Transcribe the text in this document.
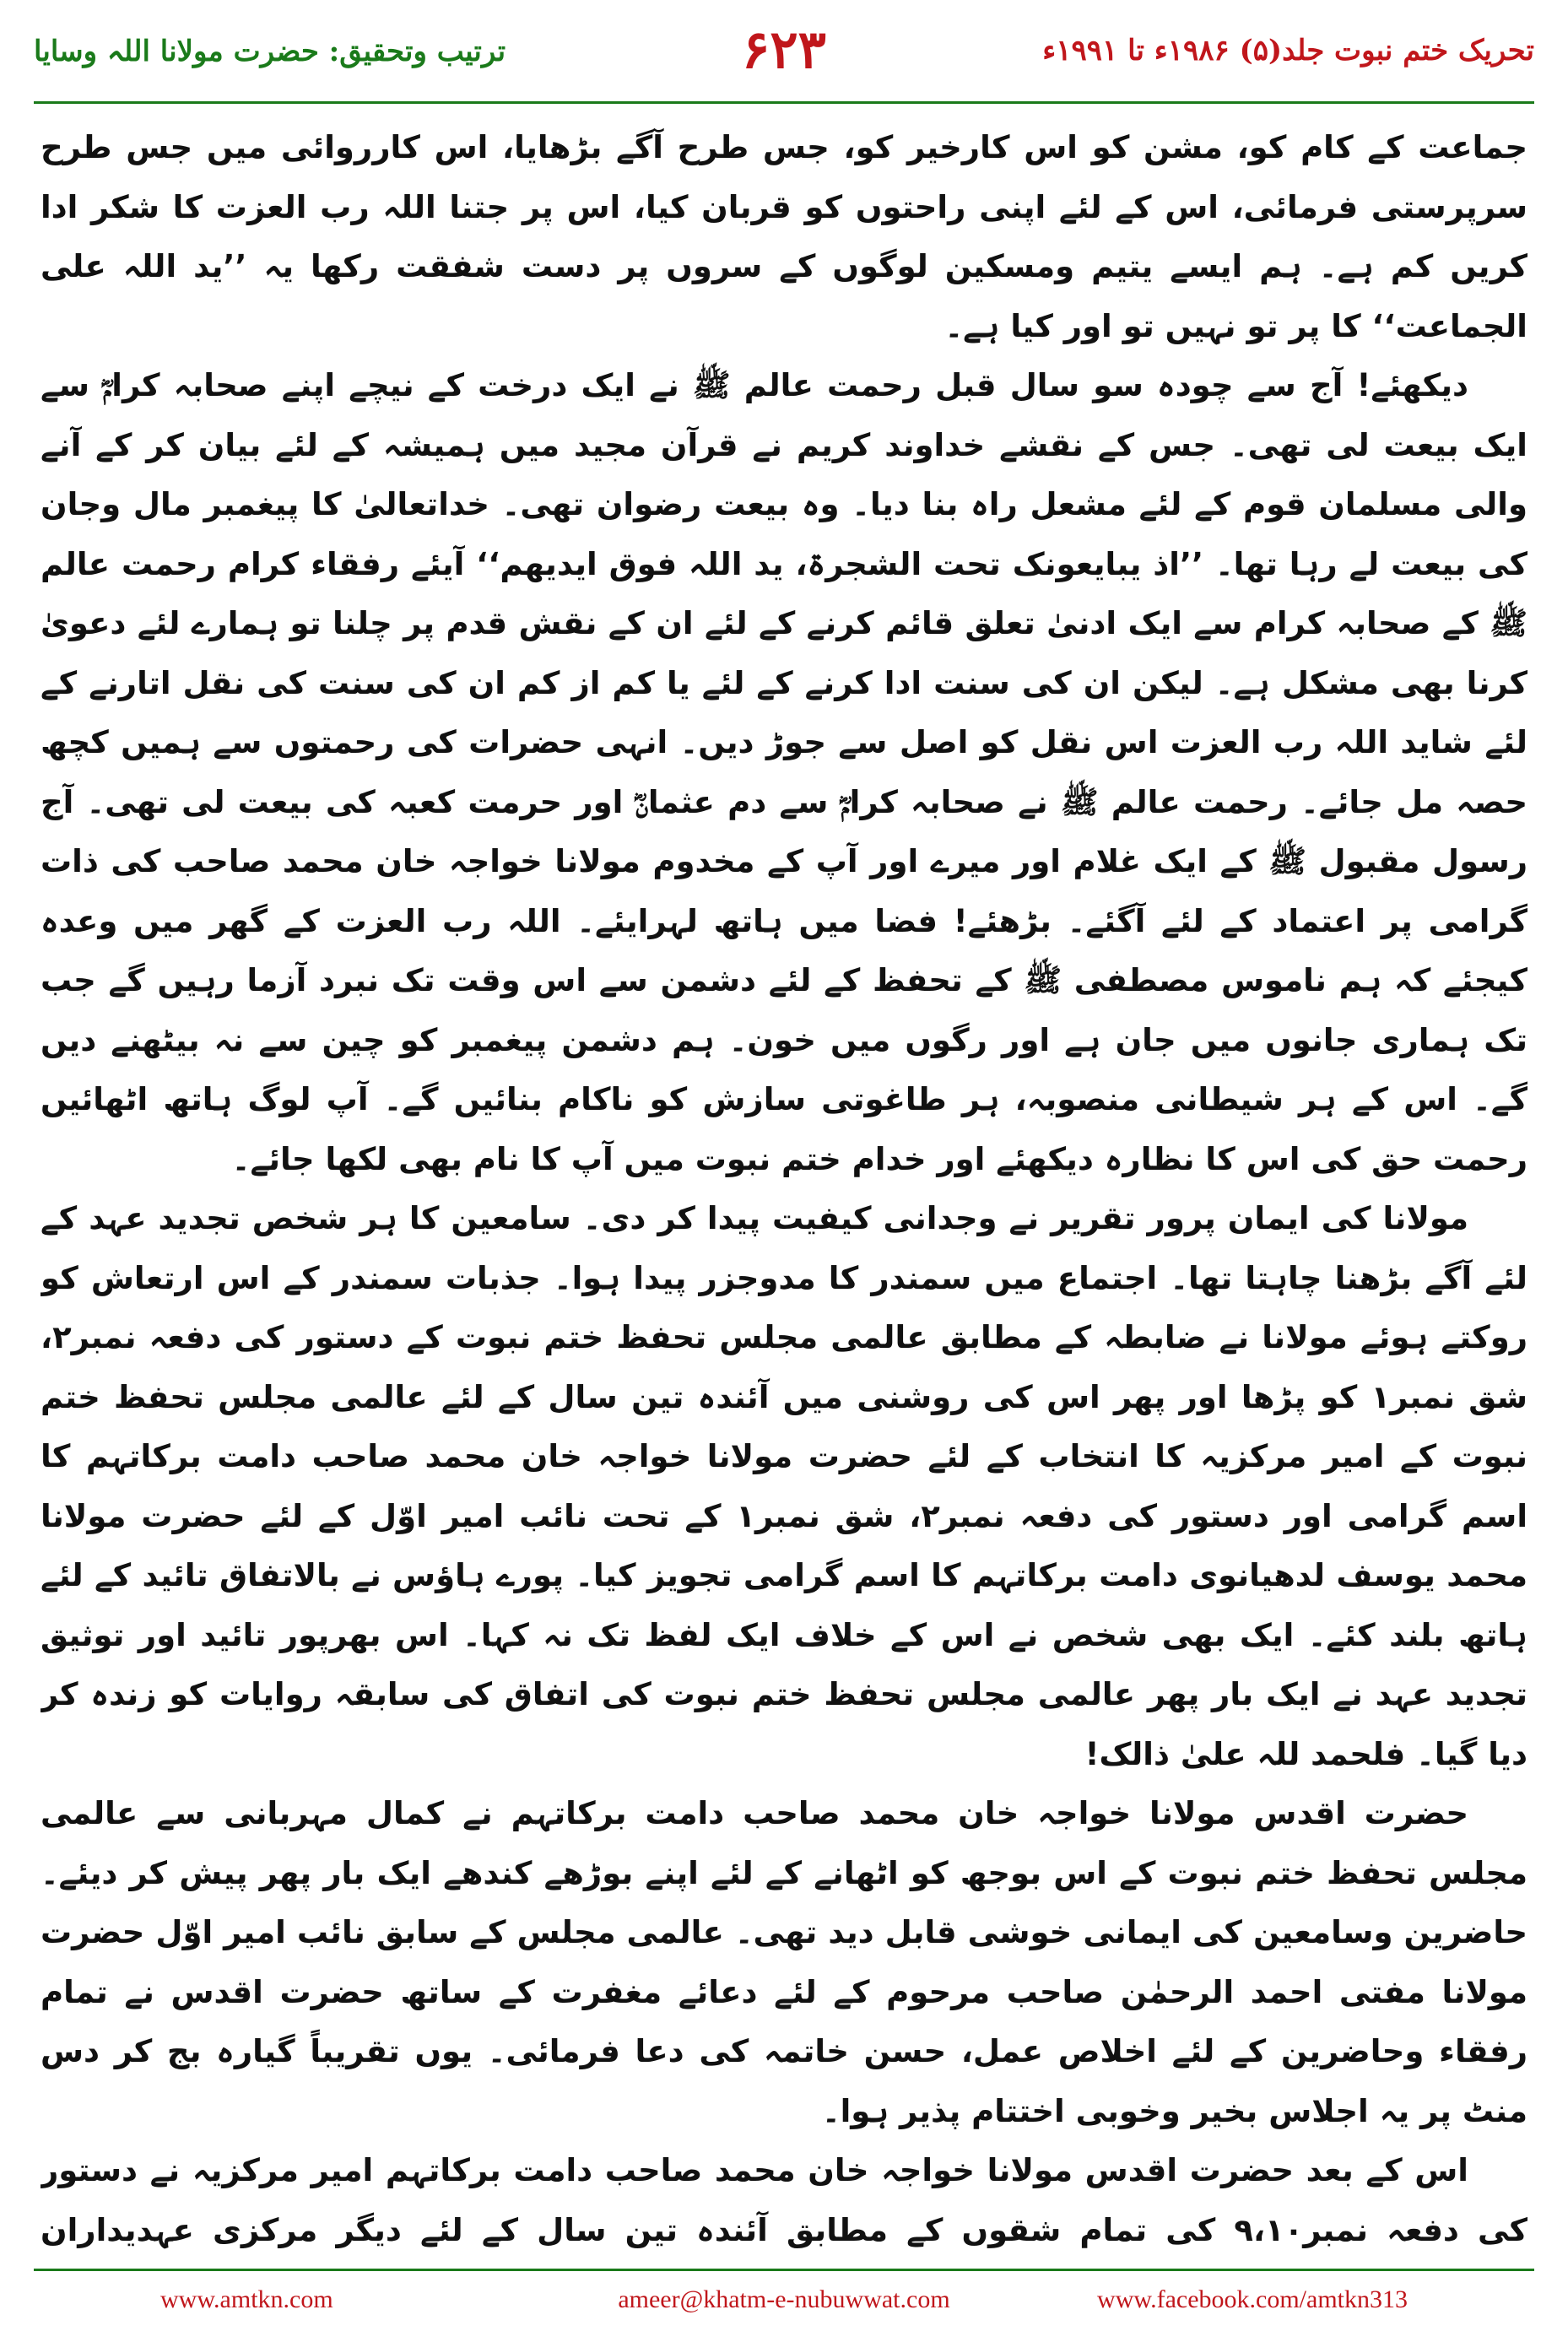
ترتیب وتحقیق: حضرت مولانا اللہ وسایا	۶۲۳	تحریک ختم نبوت جلد(۵) ۱۹۸۶ء تا ۱۹۹۱ء

جماعت کے کام کو، مشن کو اس کارخیر کو، جس طرح آگے بڑھایا، اس کارروائی میں جس طرح سرپرستی فرمائی، اس کے لئے اپنی راحتوں کو قربان کیا، اس پر جتنا اللہ رب العزت کا شکر ادا کریں کم ہے۔ ہم ایسے یتیم ومسکین لوگوں کے سروں پر دست شفقت رکھا یہ ’’ید اللہ علی الجماعت‘‘ کا پر تو نہیں تو اور کیا ہے۔

دیکھئے! آج سے چودہ سو سال قبل رحمت عالم ﷺ نے ایک درخت کے نیچے اپنے صحابہ کرامؓ سے ایک بیعت لی تھی۔ جس کے نقشے خداوند کریم نے قرآن مجید میں ہمیشہ کے لئے بیان کر کے آنے والی مسلمان قوم کے لئے مشعل راہ بنا دیا۔ وہ بیعت رضوان تھی۔ خداتعالیٰ کا پیغمبر مال وجان کی بیعت لے رہا تھا۔ ’’اذ یبایعونک تحت الشجرۃ، ید اللہ فوق ایدیھم‘‘ آیئے رفقاء کرام رحمت عالم ﷺ کے صحابہ کرام سے ایک ادنیٰ تعلق قائم کرنے کے لئے ان کے نقش قدم پر چلنا تو ہمارے لئے دعویٰ کرنا بھی مشکل ہے۔ لیکن ان کی سنت ادا کرنے کے لئے یا کم از کم ان کی سنت کی نقل اتارنے کے لئے شاید اللہ رب العزت اس نقل کو اصل سے جوڑ دیں۔ انہی حضرات کی رحمتوں سے ہمیں کچھ حصہ مل جائے۔ رحمت عالم ﷺ نے صحابہ کرامؓ سے دم عثمانؓ اور حرمت کعبہ کی بیعت لی تھی۔ آج رسول مقبول ﷺ کے ایک غلام اور میرے اور آپ کے مخدوم مولانا خواجہ خان محمد صاحب کی ذات گرامی پر اعتماد کے لئے آگئے۔ بڑھئے! فضا میں ہاتھ لہرایئے۔ اللہ رب العزت کے گھر میں وعدہ کیجئے کہ ہم ناموس مصطفی ﷺ کے تحفظ کے لئے دشمن سے اس وقت تک نبرد آزما رہیں گے جب تک ہماری جانوں میں جان ہے اور رگوں میں خون۔ ہم دشمن پیغمبر کو چین سے نہ بیٹھنے دیں گے۔ اس کے ہر شیطانی منصوبہ، ہر طاغوتی سازش کو ناکام بنائیں گے۔ آپ لوگ ہاتھ اٹھائیں رحمت حق کی اس کا نظارہ دیکھئے اور خدام ختم نبوت میں آپ کا نام بھی لکھا جائے۔

مولانا کی ایمان پرور تقریر نے وجدانی کیفیت پیدا کر دی۔ سامعین کا ہر شخص تجدید عہد کے لئے آگے بڑھنا چاہتا تھا۔ اجتماع میں سمندر کا مدوجزر پیدا ہوا۔ جذبات سمندر کے اس ارتعاش کو روکتے ہوئے مولانا نے ضابطہ کے مطابق عالمی مجلس تحفظ ختم نبوت کے دستور کی دفعہ نمبر۲، شق نمبر۱ کو پڑھا اور پھر اس کی روشنی میں آئندہ تین سال کے لئے عالمی مجلس تحفظ ختم نبوت کے امیر مرکزیہ کا انتخاب کے لئے حضرت مولانا خواجہ خان محمد صاحب دامت برکاتہم کا اسم گرامی اور دستور کی دفعہ نمبر۲، شق نمبر۱ کے تحت نائب امیر اوّل کے لئے حضرت مولانا محمد یوسف لدھیانوی دامت برکاتہم کا اسم گرامی تجویز کیا۔ پورے ہاؤس نے بالاتفاق تائید کے لئے ہاتھ بلند کئے۔ ایک بھی شخص نے اس کے خلاف ایک لفظ تک نہ کہا۔ اس بھرپور تائید اور توثیق تجدید عہد نے ایک بار پھر عالمی مجلس تحفظ ختم نبوت کی اتفاق کی سابقہ روایات کو زندہ کر دیا گیا۔ فلحمد للہ علیٰ ذالک!

حضرت اقدس مولانا خواجہ خان محمد صاحب دامت برکاتہم نے کمال مہربانی سے عالمی مجلس تحفظ ختم نبوت کے اس بوجھ کو اٹھانے کے لئے اپنے بوڑھے کندھے ایک بار پھر پیش کر دیئے۔ حاضرین وسامعین کی ایمانی خوشی قابل دید تھی۔ عالمی مجلس کے سابق نائب امیر اوّل حضرت مولانا مفتی احمد الرحمٰن صاحب مرحوم کے لئے دعائے مغفرت کے ساتھ حضرت اقدس نے تمام رفقاء وحاضرین کے لئے اخلاص عمل، حسن خاتمہ کی دعا فرمائی۔ یوں تقریباً گیارہ بج کر دس منٹ پر یہ اجلاس بخیر وخوبی اختتام پذیر ہوا۔

اس کے بعد حضرت اقدس مولانا خواجہ خان محمد صاحب دامت برکاتہم امیر مرکزیہ نے دستور کی دفعہ نمبر۹،۱۰ کی تمام شقوں کے مطابق آئندہ تین سال کے لئے دیگر مرکزی عہدیداران

www.amtkn.com	ameer@khatm-e-nubuwwat.com	www.facebook.com/amtkn313
